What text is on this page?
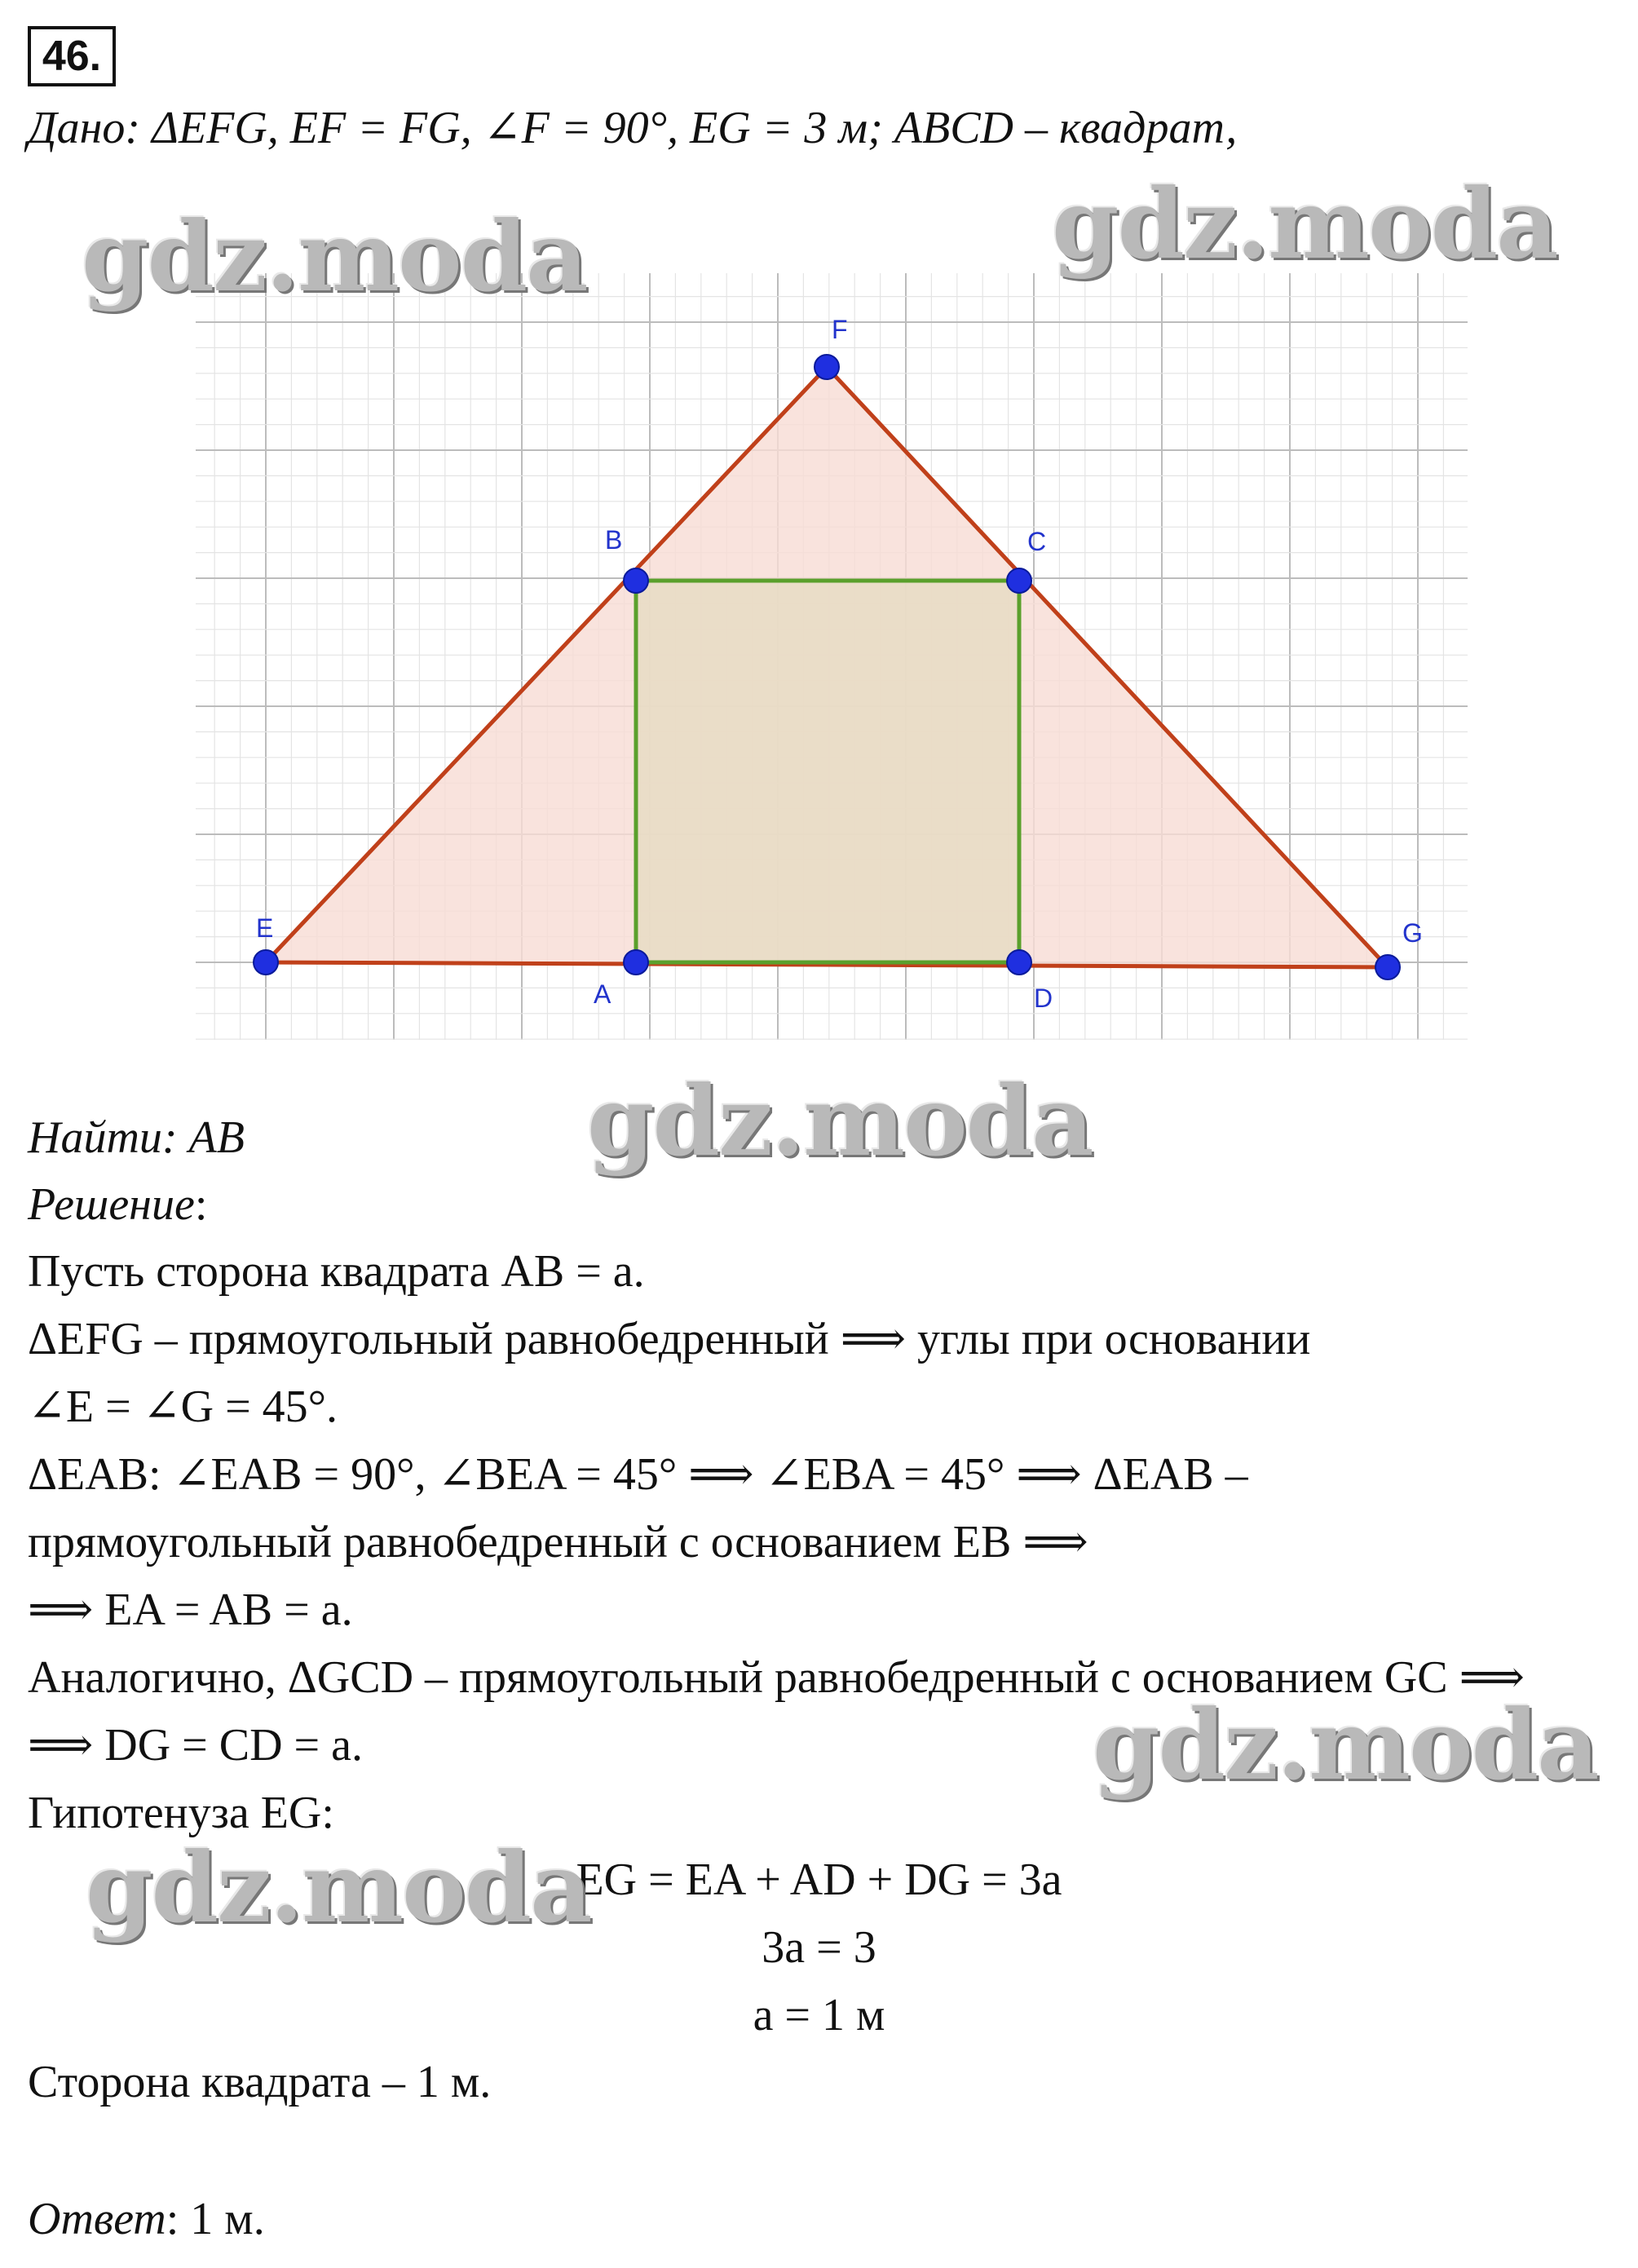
46.
Дано: ΔEFG, EF = FG, ∠F = 90°, EG = 3 м; ABCD – квадрат,
F
B	C
E
A	D
G
Найти: AB
Решение:
Пусть сторона квадрата AB = a.
ΔEFG – прямоугольный равнобедренный ⟹ углы при основании
∠E = ∠G = 45°.
ΔEAB: ∠EAB = 90°, ∠BEA = 45° ⟹ ∠EBA = 45° ⟹ ΔEAB –
прямоугольный равнобедренный с основанием EB ⟹
⟹ EA = AB = a.
Аналогично, ΔGCD – прямоугольный равнобедренный с основанием GC ⟹
⟹ DG = CD = a.
Гипотенуза EG:
EG = EA + AD + DG = 3a
3a = 3
a = 1 м
Сторона квадрата – 1 м.
Ответ: 1 м.
gdz.moda	gdz.moda
gdz.moda
gdz.moda
gdz.moda
